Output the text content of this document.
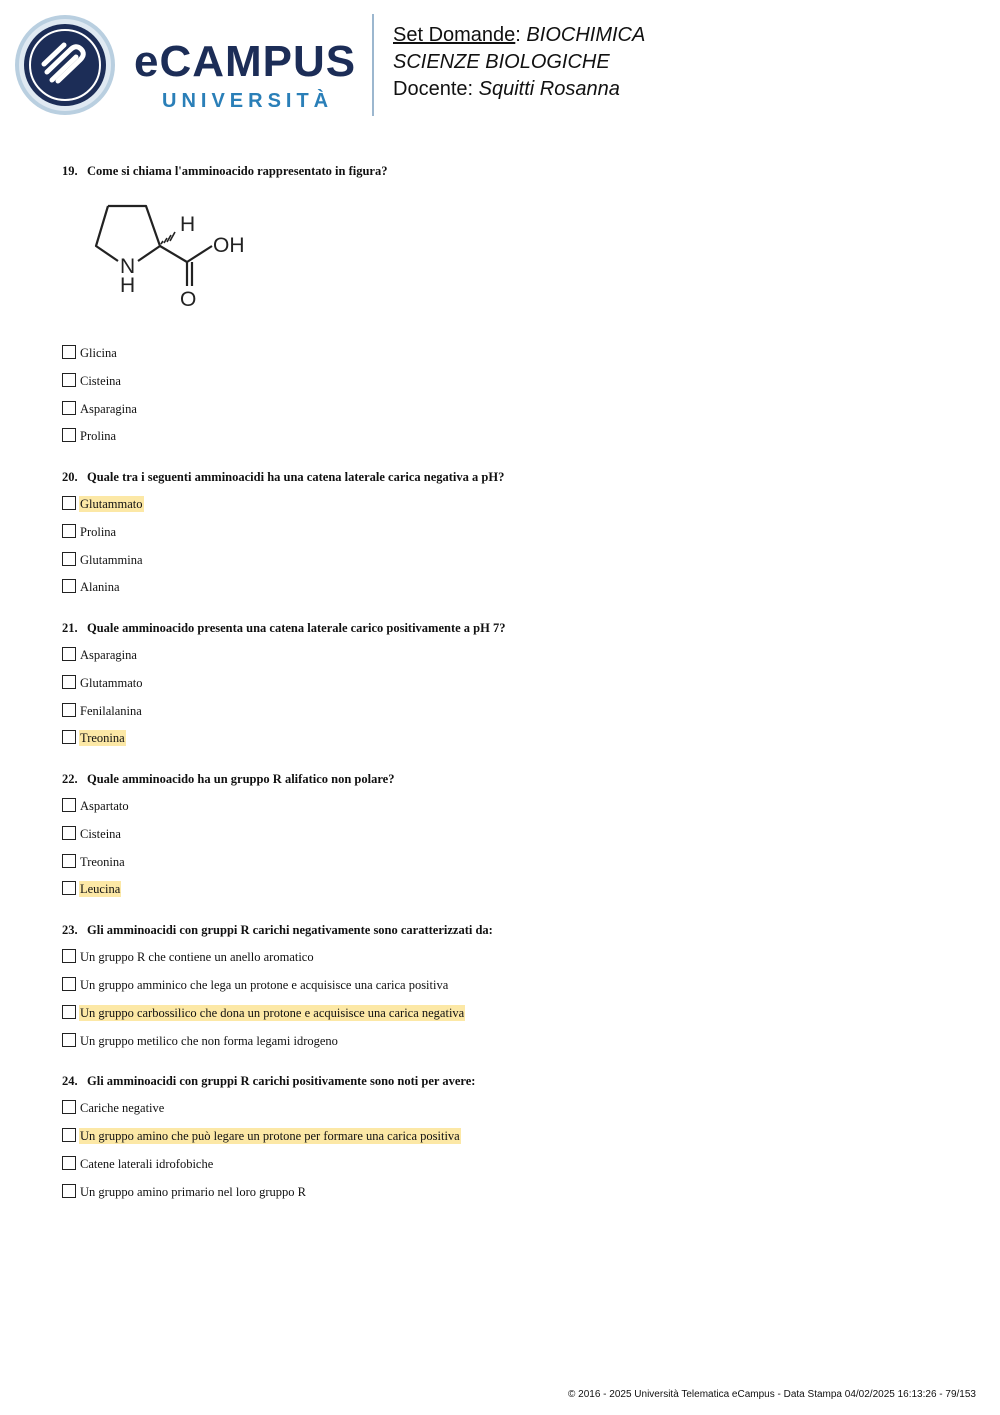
eCAMPUS
UNIVERSITÀ
Set Domande: BIOCHIMICA
SCIENZE BIOLOGICHE
Docente: Squitti Rosanna
19. Come si chiama l'amminoacido rappresentato in figura?
H
OH
N
H
O
Glicina
Cisteina
Asparagina
Prolina
20. Quale tra i seguenti amminoacidi ha una catena laterale carica negativa a pH?
Glutammato
Prolina
Glutammina
Alanina
21. Quale amminoacido presenta una catena laterale carico positivamente a pH 7?
Asparagina
Glutammato
Fenilalanina
Treonina
22. Quale amminoacido ha un gruppo R alifatico non polare?
Aspartato
Cisteina
Treonina
Leucina
23. Gli amminoacidi con gruppi R carichi negativamente sono caratterizzati da:
Un gruppo R che contiene un anello aromatico
Un gruppo amminico che lega un protone e acquisisce una carica positiva
Un gruppo carbossilico che dona un protone e acquisisce una carica negativa
Un gruppo metilico che non forma legami idrogeno
24. Gli amminoacidi con gruppi R carichi positivamente sono noti per avere:
Cariche negative
Un gruppo amino che può legare un protone per formare una carica positiva
Catene laterali idrofobiche
Un gruppo amino primario nel loro gruppo R
© 2016 - 2025 Università Telematica eCampus - Data Stampa 04/02/2025 16:13:26 - 79/153
